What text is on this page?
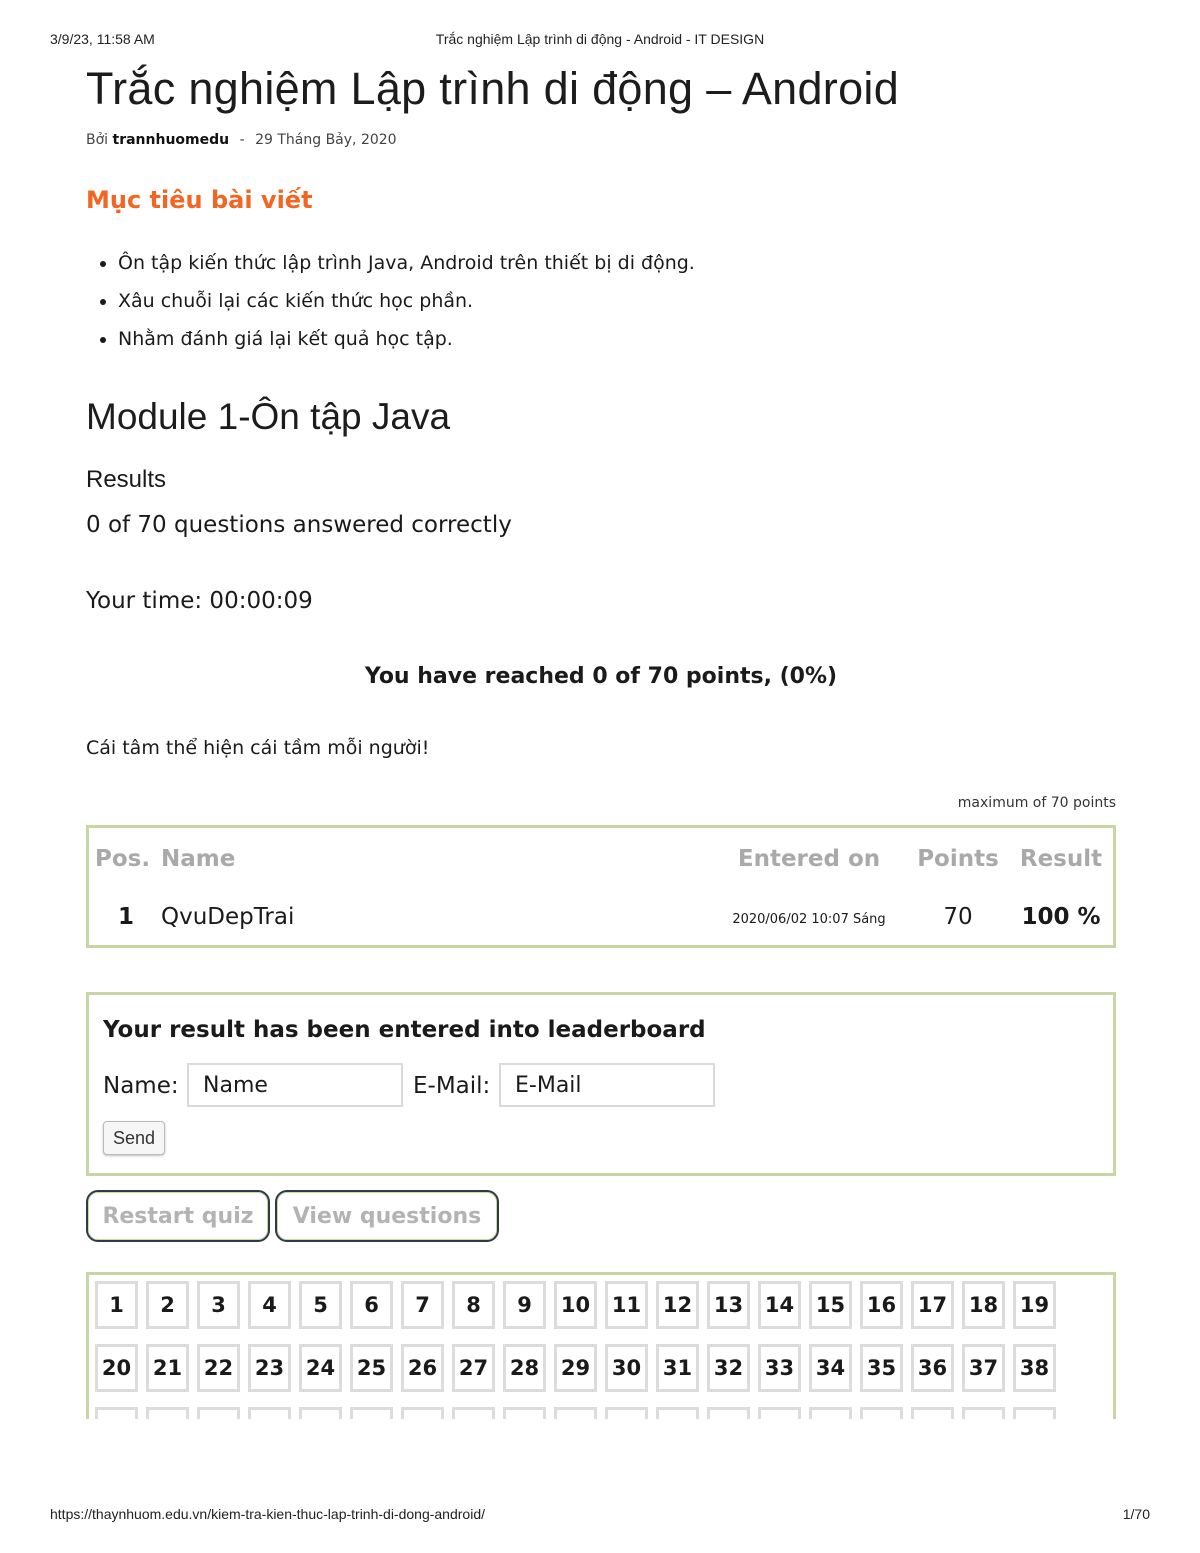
3/9/23, 11:58 AM	Trắc nghiệm Lập trình di động - Android - IT DESIGN
Trắc nghiệm Lập trình di động – Android
Bởi trannhuomedu - 29 Tháng Bảy, 2020
Mục tiêu bài viết
• Ôn tập kiến thức lập trình Java, Android trên thiết bị di động.
• Xâu chuỗi lại các kiến thức học phần.
• Nhằm đánh giá lại kết quả học tập.
Module 1-Ôn tập Java
Results
0 of 70 questions answered correctly
Your time: 00:00:09
You have reached 0 of 70 points, (0%)
Cái tâm thể hiện cái tầm mỗi người!
maximum of 70 points
Pos. Name	Entered on	Points Result
1	QvuDepTrai	2020/06/02 10:07 Sáng	70	100 %
Your result has been entered into leaderboard
Name:
Name	E-Mail:
E-Mail
Send
Restart quiz	View questions
1	2	3	4	5	6	7	8	9	10	11	12	13	14	15	16	17	18	19
20	21	22	23	24	25	26	27	28	29	30	31	32	33	34	35	36	37	38
https://thaynhuom.edu.vn/kiem-tra-kien-thuc-lap-trinh-di-dong-android/	1/70
